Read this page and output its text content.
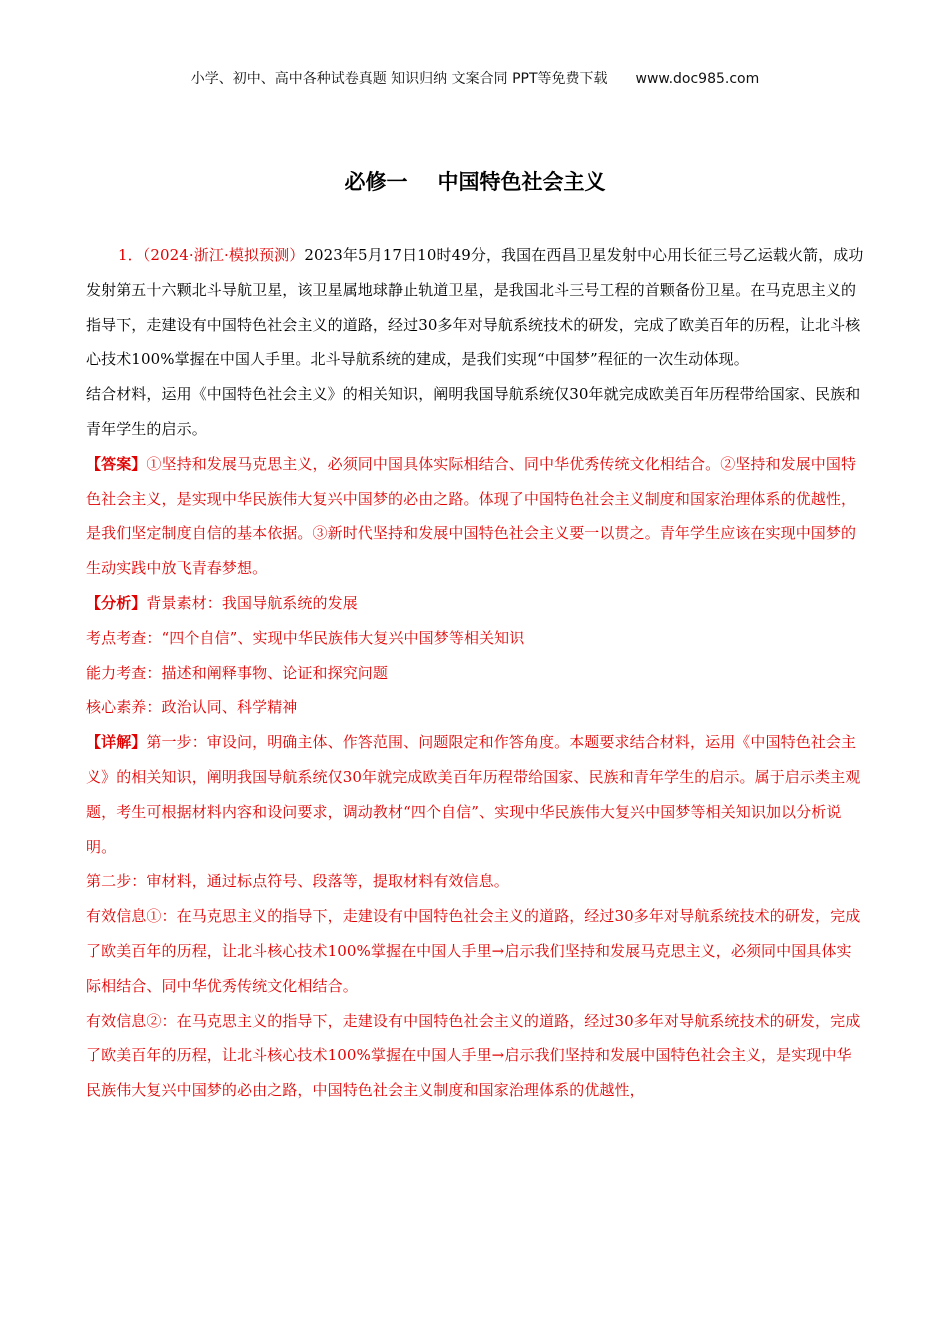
小学、初中、高中各种试卷真题 知识归纳 文案合同 PPT等免费下载 www.doc985.com
必修一 中国特色社会主义

1．（2024·浙江·模拟预测）2023年5月17日10时49分，我国在西昌卫星发射中心用长征三号乙运载火箭，成功发射第五十六颗北斗导航卫星，该卫星属地球静止轨道卫星，是我国北斗三号工程的首颗备份卫星。在马克思主义的指导下，走建设有中国特色社会主义的道路，经过30多年对导航系统技术的研发，完成了欧美百年的历程，让北斗核心技术100%掌握在中国人手里。北斗导航系统的建成，是我们实现“中国梦”程征的一次生动体现。

结合材料，运用《中国特色社会主义》的相关知识，阐明我国导航系统仅30年就完成欧美百年历程带给国家、民族和青年学生的启示。

【答案】①坚持和发展马克思主义，必须同中国具体实际相结合、同中华优秀传统文化相结合。②坚持和发展中国特色社会主义，是实现中华民族伟大复兴中国梦的必由之路。体现了中国特色社会主义制度和国家治理体系的优越性，是我们坚定制度自信的基本依据。③新时代坚持和发展中国特色社会主义要一以贯之。青年学生应该在实现中国梦的生动实践中放飞青春梦想。

【分析】背景素材：我国导航系统的发展

考点考查：“四个自信”、实现中华民族伟大复兴中国梦等相关知识

能力考查：描述和阐释事物、论证和探究问题

核心素养：政治认同、科学精神

【详解】第一步：审设问，明确主体、作答范围、问题限定和作答角度。本题要求结合材料，运用《中国特色社会主义》的相关知识，阐明我国导航系统仅30年就完成欧美百年历程带给国家、民族和青年学生的启示。属于启示类主观题，考生可根据材料内容和设问要求，调动教材“四个自信”、实现中华民族伟大复兴中国梦等相关知识加以分析说明。

第二步：审材料，通过标点符号、段落等，提取材料有效信息。

有效信息①：在马克思主义的指导下，走建设有中国特色社会主义的道路，经过30多年对导航系统技术的研发，完成了欧美百年的历程，让北斗核心技术100%掌握在中国人手里→启示我们坚持和发展马克思主义，必须同中国具体实际相结合、同中华优秀传统文化相结合。

有效信息②：在马克思主义的指导下，走建设有中国特色社会主义的道路，经过30多年对导航系统技术的研发，完成了欧美百年的历程，让北斗核心技术100%掌握在中国人手里→启示我们坚持和发展中国特色社会主义，是实现中华民族伟大复兴中国梦的必由之路，中国特色社会主义制度和国家治理体系的优越性，
